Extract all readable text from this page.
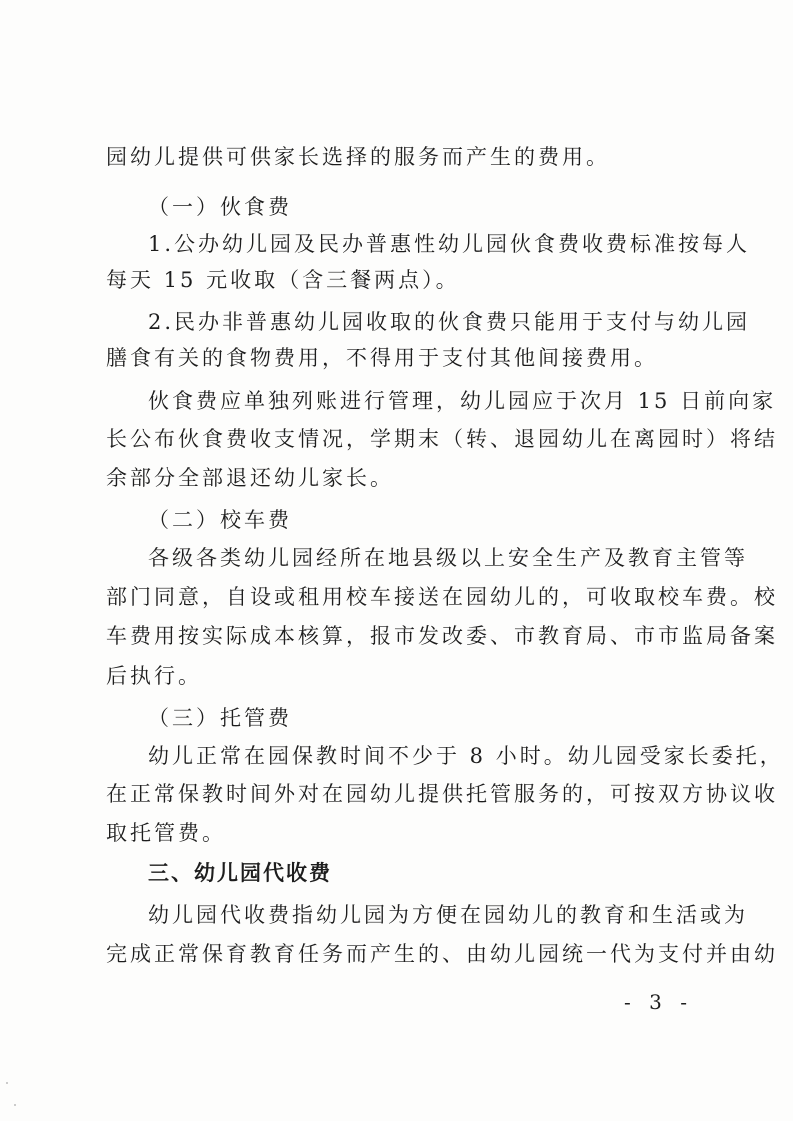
园幼儿提供可供家长选择的服务而产生的费用。
（一）伙食费
1.公办幼儿园及民办普惠性幼儿园伙食费收费标准按每人
每天 15 元收取（含三餐两点）。
2.民办非普惠幼儿园收取的伙食费只能用于支付与幼儿园
膳食有关的食物费用，不得用于支付其他间接费用。
伙食费应单独列账进行管理，幼儿园应于次月 15 日前向家
长公布伙食费收支情况，学期末（转、退园幼儿在离园时）将结
余部分全部退还幼儿家长。
（二）校车费
各级各类幼儿园经所在地县级以上安全生产及教育主管等
部门同意，自设或租用校车接送在园幼儿的，可收取校车费。校
车费用按实际成本核算，报市发改委、市教育局、市市监局备案
后执行。
（三）托管费
幼儿正常在园保教时间不少于 8 小时。幼儿园受家长委托，
在正常保教时间外对在园幼儿提供托管服务的，可按双方协议收
取托管费。
三、幼儿园代收费
幼儿园代收费指幼儿园为方便在园幼儿的教育和生活或为
完成正常保育教育任务而产生的、由幼儿园统一代为支付并由幼
- 3 -
